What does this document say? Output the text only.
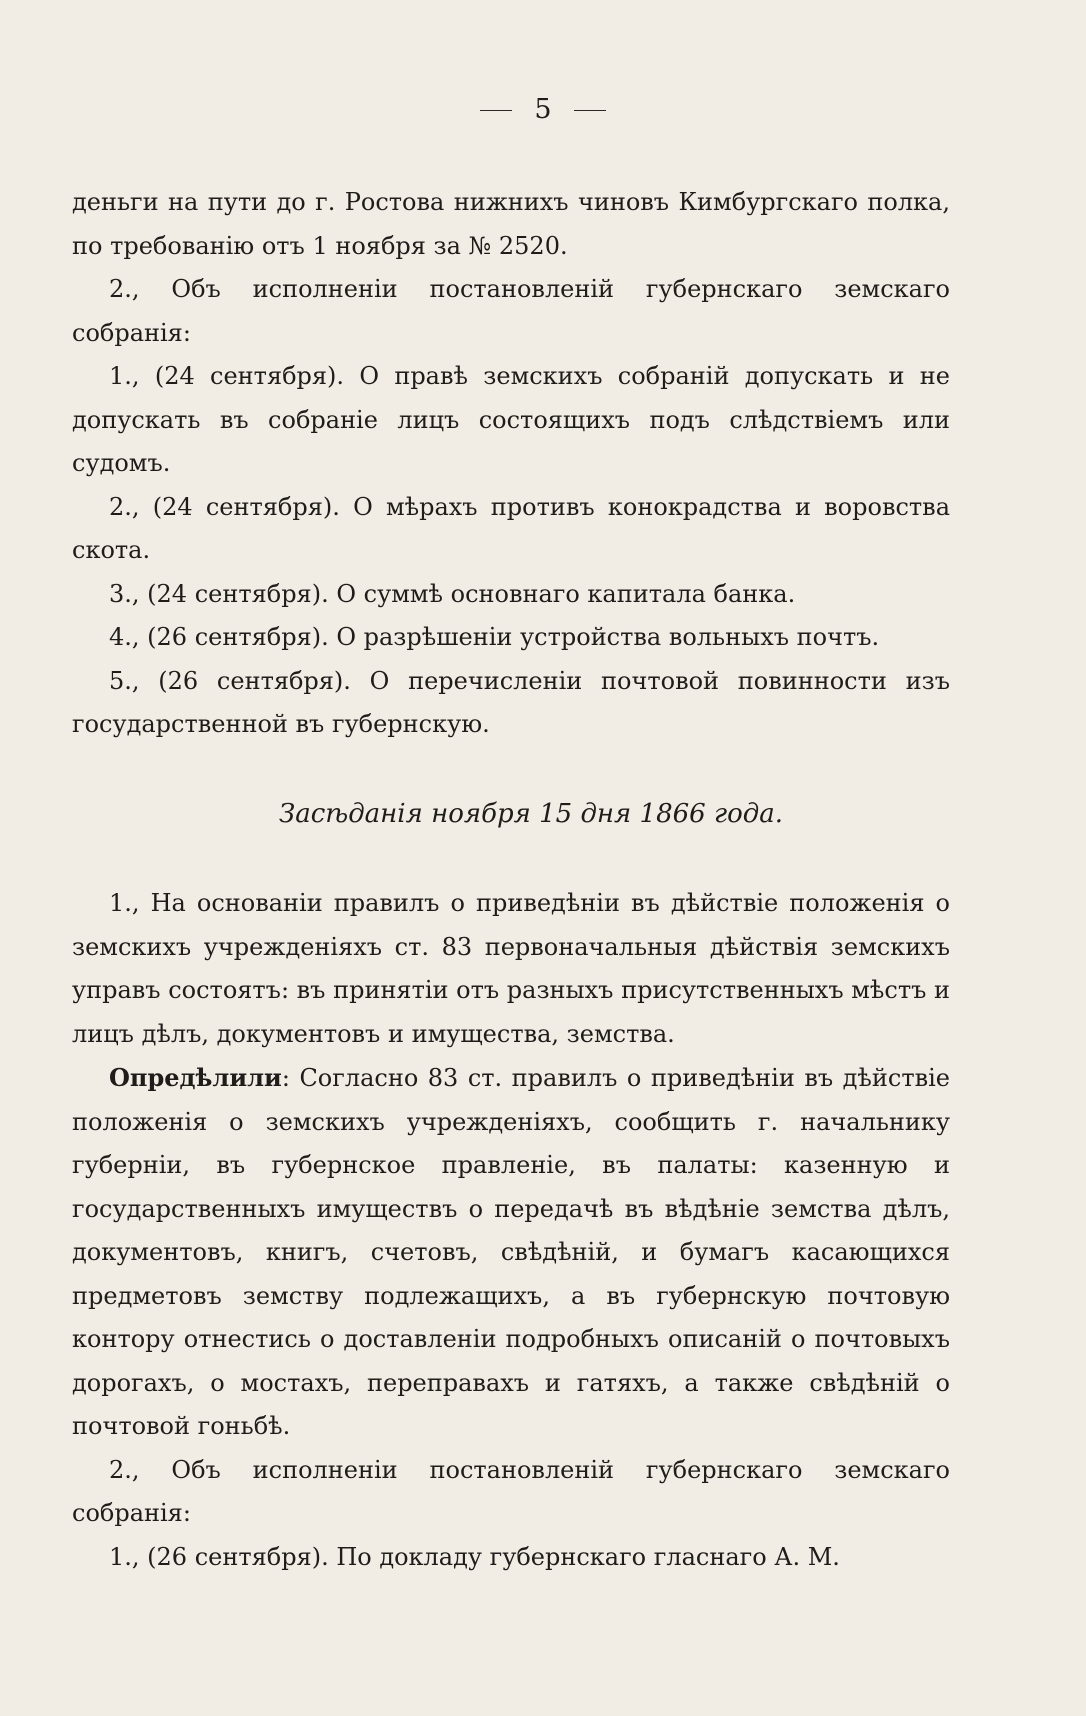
5

деньги на пути до г. Ростова нижнихъ чиновъ Кимбургскаго полка, по требованiю отъ 1 ноября за № 2520.

2., Объ исполненiи постановленiй губернскаго земскаго собранiя:

1., (24 сентября). О правѣ земскихъ собранiй допускать и не допускать въ собранiе лицъ состоящихъ подъ слѣдствiемъ или судомъ.

2., (24 сентября). О мѣрахъ противъ конокрадства и воровства скота.

3., (24 сентября). О суммѣ основнаго капитала банка.

4., (26 сентября). О разрѣшенiи устройства вольныхъ почтъ.

5., (26 сентября). О перечисленiи почтовой повинности изъ государственной въ губернскую.

Засѣданiя ноября 15 дня 1866 года.

1., На основанiи правилъ о приведѣнiи въ дѣйствiе положенiя о земскихъ учрежденiяхъ ст. 83 первоначальныя дѣйствiя земскихъ управъ состоятъ: въ принятiи отъ разныхъ присутственныхъ мѣстъ и лицъ дѣлъ, документовъ и имущества, земства.

Опредѣлили: Согласно 83 ст. правилъ о приведѣнiи въ дѣйствiе положенiя о земскихъ учрежденiяхъ, сообщить г. начальнику губернiи, въ губернское правленiе, въ палаты: казенную и государственныхъ имуществъ о передачѣ въ вѣдѣнiе земства дѣлъ, документовъ, книгъ, счетовъ, свѣдѣнiй, и бумагъ касающихся предметовъ земству подлежащихъ, а въ губернскую почтовую контору отнестись о доставленiи подробныхъ описанiй о почтовыхъ дорогахъ, о мостахъ, переправахъ и гатяхъ, а также свѣдѣнiй о почтовой гоньбѣ.

2., Объ исполненiи постановленiй губернскаго земскаго собранiя:

1., (26 сентября). По докладу губернскаго гласнаго А. М.
